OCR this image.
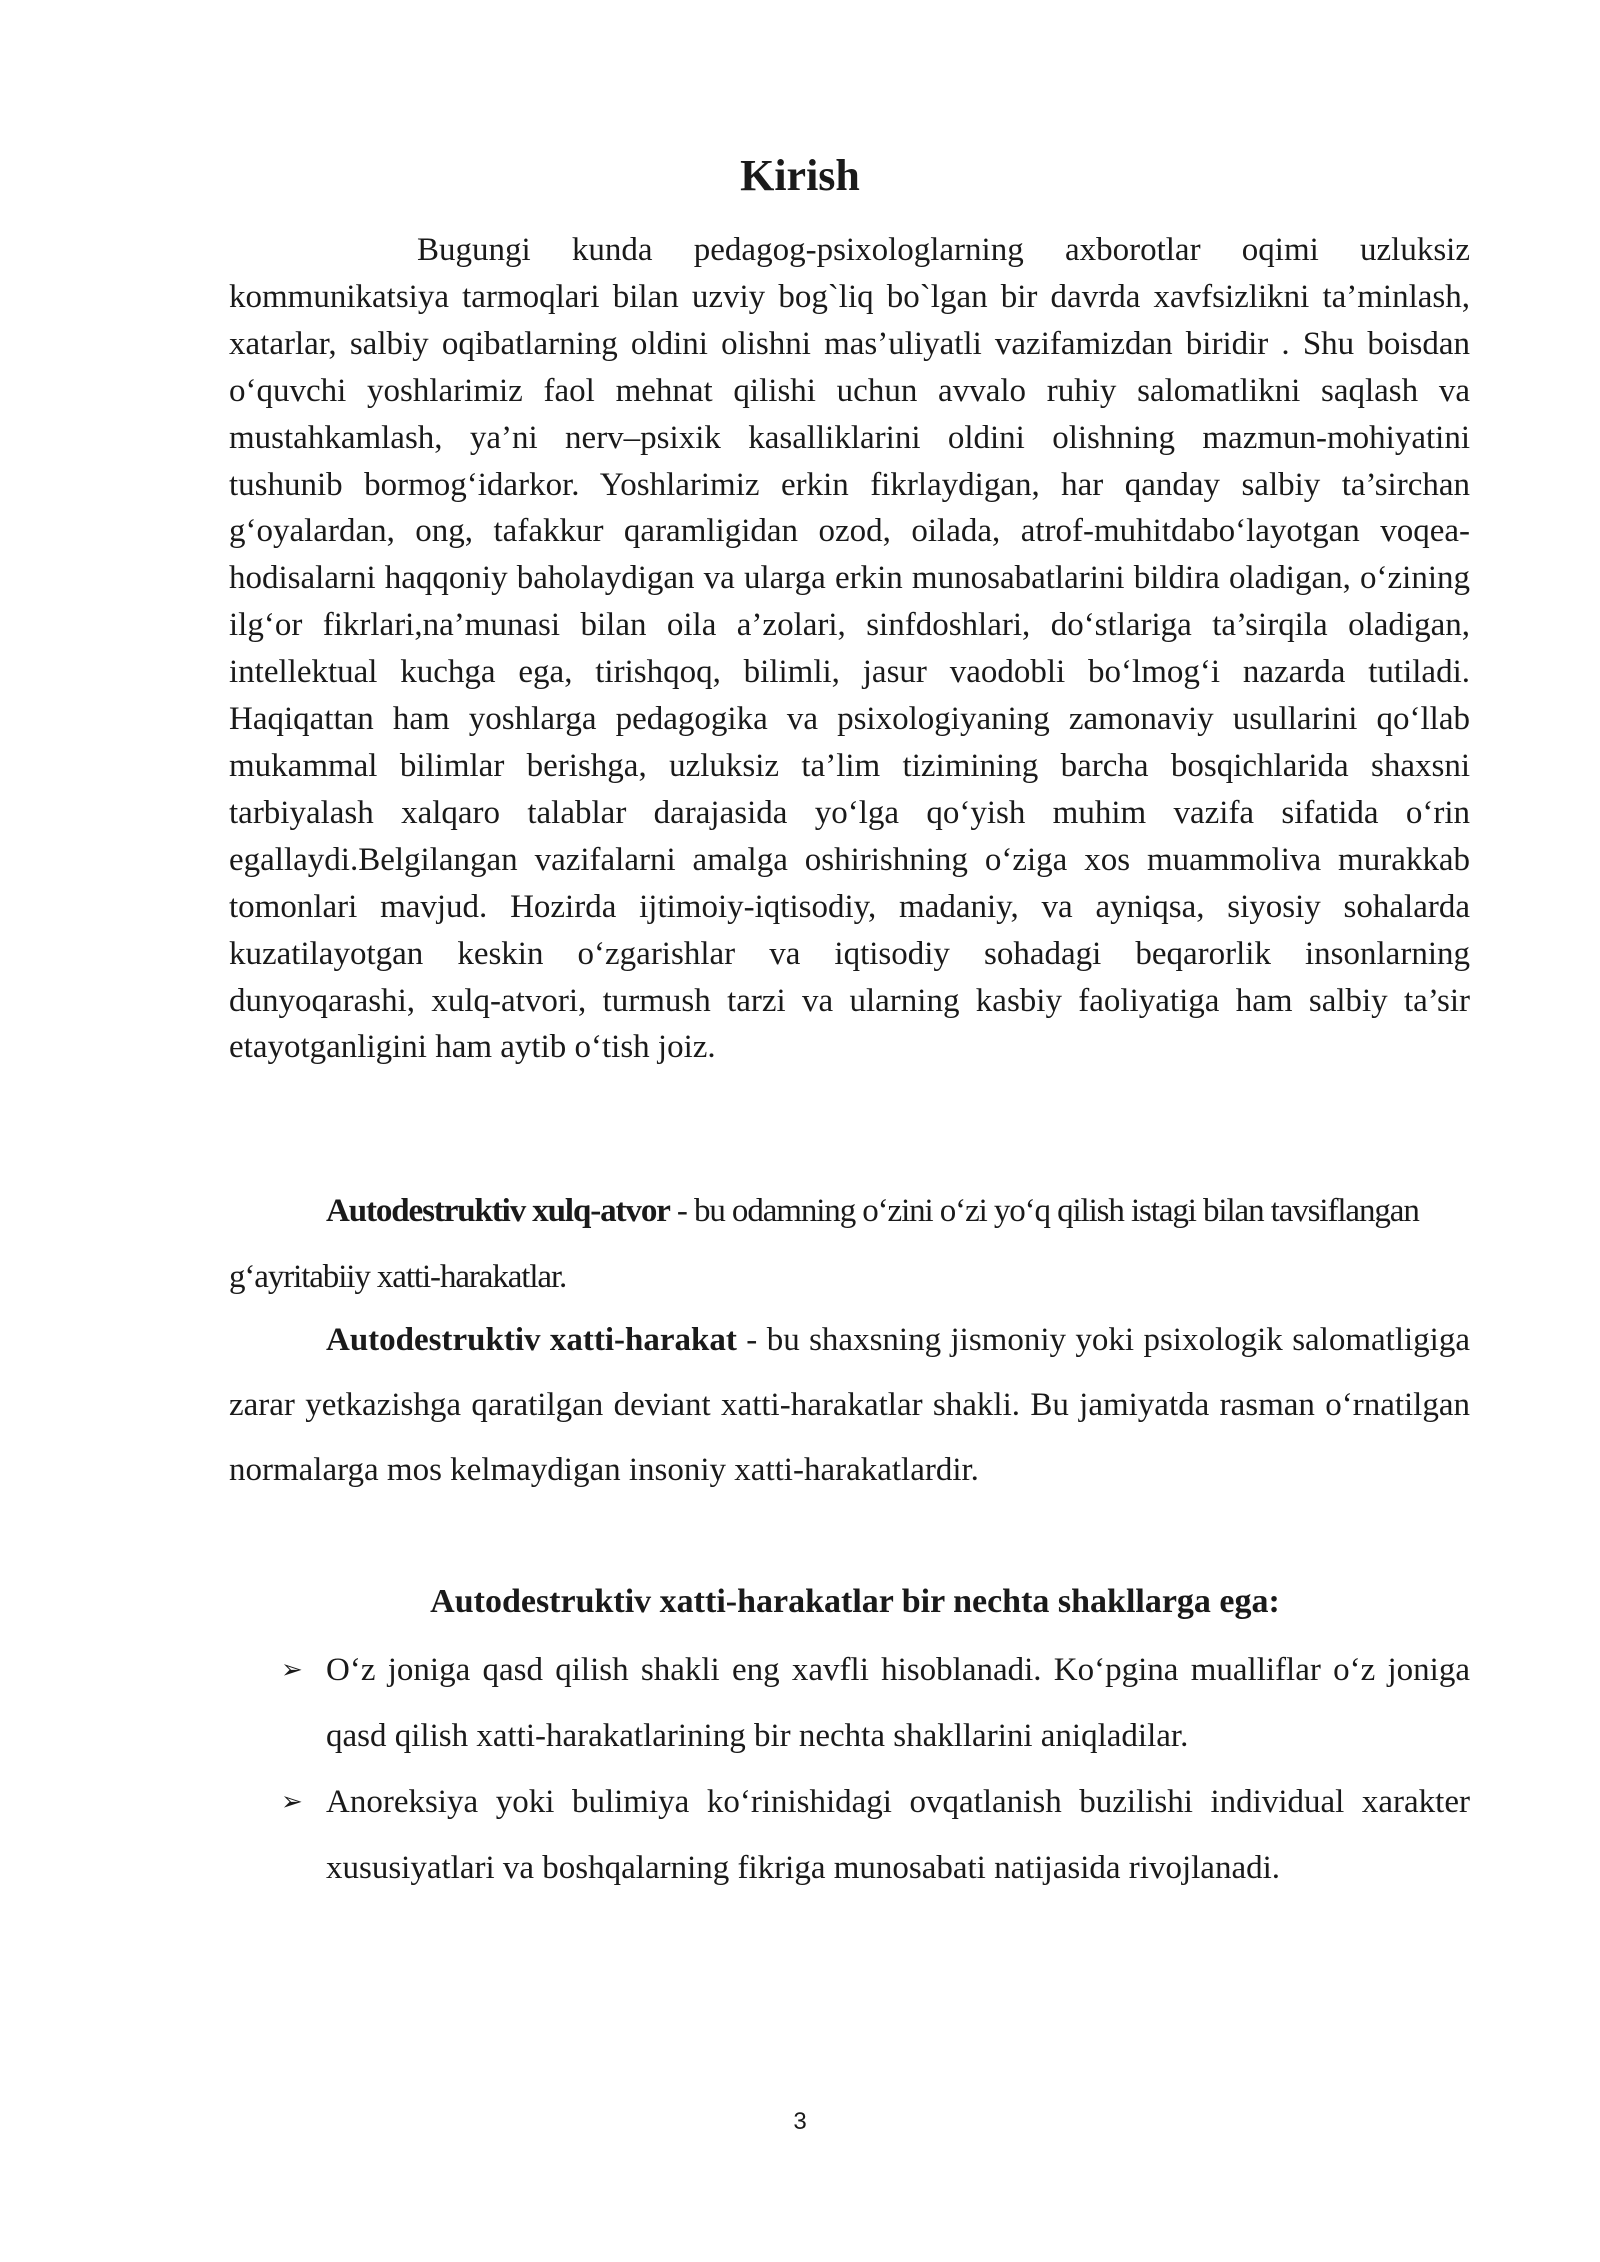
Kirish

Bugungi kunda pedagog-psixologlarning axborotlar oqimi uzluksiz kommunikatsiya tarmoqlari bilan uzviy bog`liq bo`lgan bir davrda xavfsizlikni ta’minlash, xatarlar, salbiy oqibatlarning oldini olishni mas’uliyatli vazifamizdan biridir . Shu boisdan o‘quvchi yoshlarimiz faol mehnat qilishi uchun avvalo ruhiy salomatlikni saqlash va mustahkamlash, ya’ni nerv–psixik kasalliklarini oldini olishning mazmun-mohiyatini tushunib bormog‘idarkor. Yoshlarimiz erkin fikrlaydigan, har qanday salbiy ta’sirchan g‘oyalardan, ong, tafakkur qaramligidan ozod, oilada, atrof-muhitdabo‘layotgan voqea-hodisalarni haqqoniy baholaydigan va ularga erkin munosabatlarini bildira oladigan, o‘zining ilg‘or fikrlari,na’munasi bilan oila a’zolari, sinfdoshlari, do‘stlariga ta’sirqila oladigan, intellektual kuchga ega, tirishqoq, bilimli, jasur vaodobli bo‘lmog‘i nazarda tutiladi. Haqiqattan ham yoshlarga pedagogika va psixologiyaning zamonaviy usullarini qo‘llab mukammal bilimlar berishga, uzluksiz ta’lim tizimining barcha bosqichlarida shaxsni tarbiyalash xalqaro talablar darajasida yo‘lga qo‘yish muhim vazifa sifatida o‘rin egallaydi.Belgilangan vazifalarni amalga oshirishning o‘ziga xos muammoliva murakkab tomonlari mavjud. Hozirda ijtimoiy-iqtisodiy, madaniy, va ayniqsa, siyosiy sohalarda kuzatilayotgan keskin o‘zgarishlar va iqtisodiy sohadagi beqarorlik insonlarning dunyoqarashi, xulq-atvori, turmush tarzi va ularning kasbiy faoliyatiga ham salbiy ta’sir etayotganligini ham aytib o‘tish joiz.

Autodestruktiv xulq-atvor - bu odamning o‘zini o‘zi yo‘q qilish istagi bilan tavsiflangan g‘ayritabiiy xatti-harakatlar.

Autodestruktiv xatti-harakat - bu shaxsning jismoniy yoki psixologik salomatligiga zarar yetkazishga qaratilgan deviant xatti-harakatlar shakli. Bu jamiyatda rasman o‘rnatilgan normalarga mos kelmaydigan insoniy xatti-harakatlardir.

Autodestruktiv xatti-harakatlar bir nechta shakllarga ega:
➢ O‘z joniga qasd qilish shakli eng xavfli hisoblanadi. Ko‘pgina mualliflar o‘z joniga qasd qilish xatti-harakatlarining bir nechta shakllarini aniqladilar.
➢ Anoreksiya yoki bulimiya ko‘rinishidagi ovqatlanish buzilishi individual xarakter xususiyatlari va boshqalarning fikriga munosabati natijasida rivojlanadi.
3
